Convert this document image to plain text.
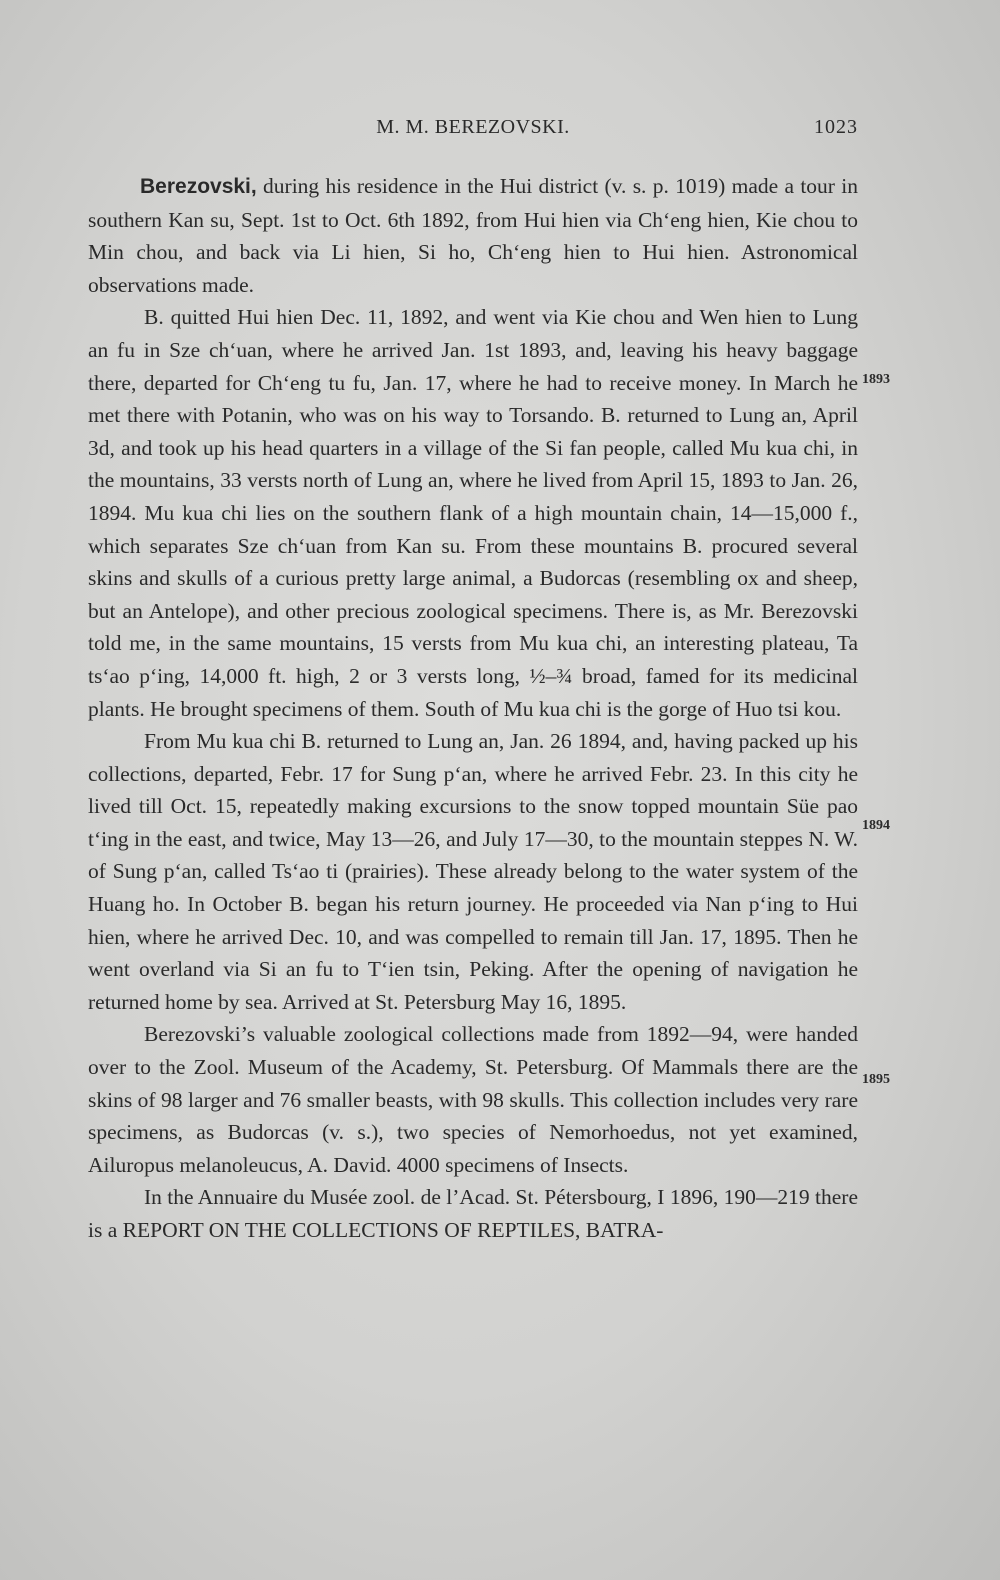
M. M. BEREZOVSKI.	1023

Berezovski, during his residence in the Hui district (v. s. p. 1019) made a tour in southern Kan su, Sept. 1st to Oct. 6th 1892, from Hui hien via Ch‘eng hien, Kie chou to Min chou, and back via Li hien, Si ho, Ch‘eng hien to Hui hien. Astronomical observations made.

B. quitted Hui hien Dec. 11, 1892, and went via Kie chou and Wen hien to Lung an fu in Sze ch‘uan, where he arrived Jan. 1st 1893, and, leaving his heavy baggage there, departed for Ch‘eng tu fu, Jan. 17, where he had to receive money. In March he met there with Potanin, who was on his way to Torsando. B. returned to Lung an, April 3d, and took up his head quarters in a village of the Si fan people, called Mu kua chi, in the mountains, 33 versts north of Lung an, where he lived from April 15, 1893 to Jan. 26, 1894. Mu kua chi lies on the southern flank of a high mountain chain, 14—15,000 f., which separates Sze ch‘uan from Kan su. From these mountains B. procured several skins and skulls of a curious pretty large animal, a Budorcas (resembling ox and sheep, but an Antelope), and other precious zoological specimens. There is, as Mr. Berezovski told me, in the same mountains, 15 versts from Mu kua chi, an interesting plateau, Ta ts‘ao p‘ing, 14,000 ft. high, 2 or 3 versts long, ½–¾ broad, famed for its medicinal plants. He brought specimens of them. South of Mu kua chi is the gorge of Huo tsi kou.

From Mu kua chi B. returned to Lung an, Jan. 26 1894, and, having packed up his collections, departed, Febr. 17 for Sung p‘an, where he arrived Febr. 23. In this city he lived till Oct. 15, repeatedly making excursions to the snow topped mountain Süe pao t‘ing in the east, and twice, May 13—26, and July 17—30, to the mountain steppes N. W. of Sung p‘an, called Ts‘ao ti (prairies). These already belong to the water system of the Huang ho. In October B. began his return journey. He proceeded via Nan p‘ing to Hui hien, where he arrived Dec. 10, and was compelled to remain till Jan. 17, 1895. Then he went overland via Si an fu to T‘ien tsin, Peking. After the opening of navigation he returned home by sea. Arrived at St. Petersburg May 16, 1895.

Berezovski’s valuable zoological collections made from 1892—94, were handed over to the Zool. Museum of the Academy, St. Petersburg. Of Mammals there are the skins of 98 larger and 76 smaller beasts, with 98 skulls. This collection includes very rare specimens, as Budorcas (v. s.), two species of Nemorhoedus, not yet examined, Ailuropus melanoleucus, A. David. 4000 specimens of Insects.

In the Annuaire du Musée zool. de l’Acad. St. Pétersbourg, I 1896, 190—219 there is a REPORT ON THE COLLECTIONS OF REPTILES, BATRA-

1893
1894
1895
